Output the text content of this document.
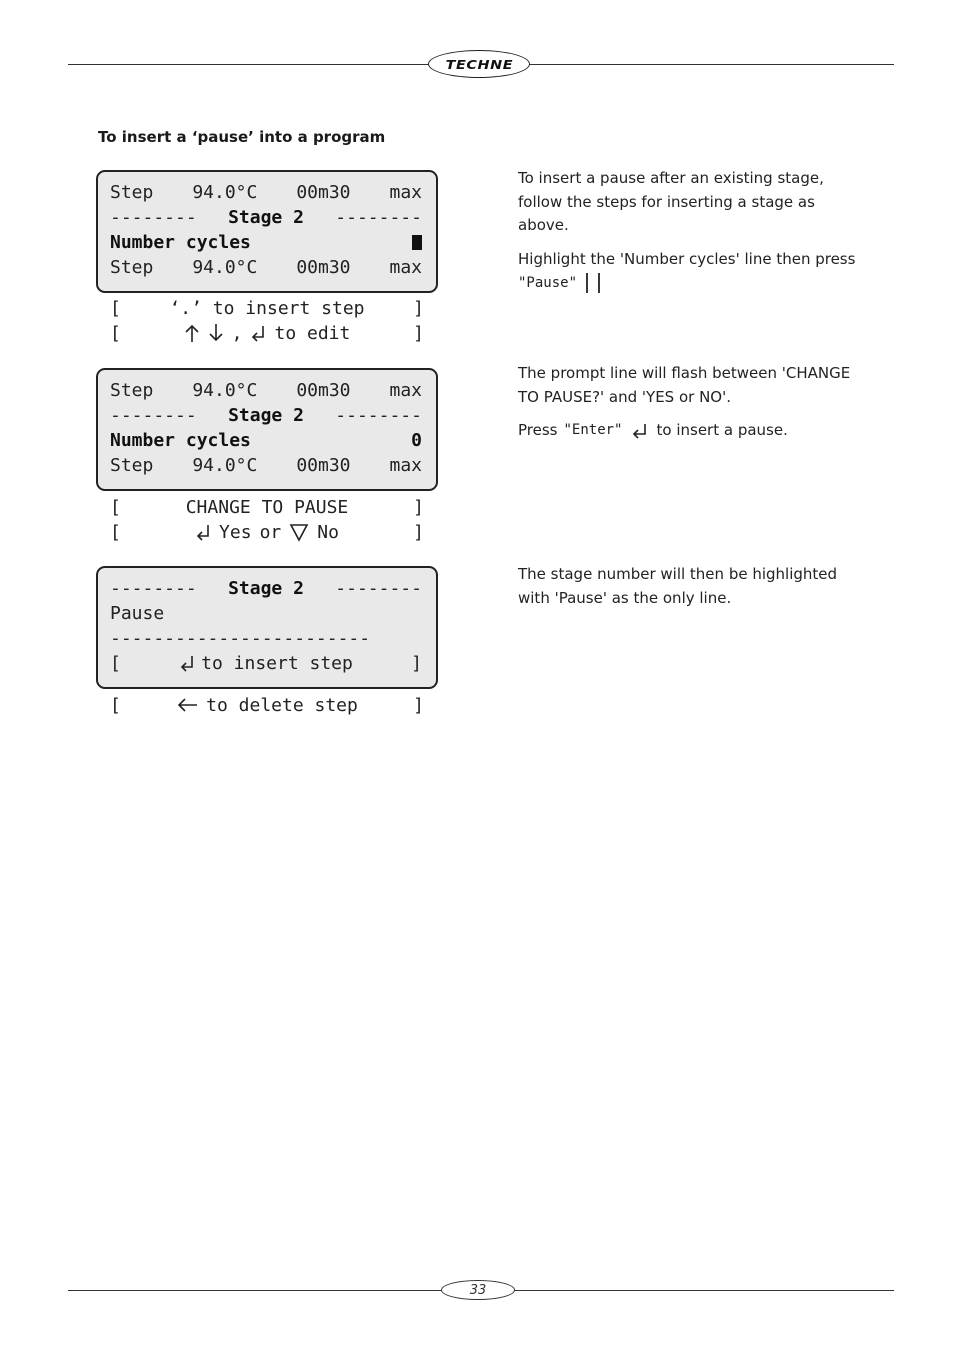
TECHNE
To insert a ‘pause’ into a program
Step 94.0°C 00m30 max
-------- Stage 2 --------
Number cycles
Step 94.0°C 00m30 max
[	‘.’ to insert step	]
[	, to edit	]
Step 94.0°C 00m30 max
-------- Stage 2 --------
Number cycles	0
Step 94.0°C 00m30 max
[	CHANGE TO PAUSE	]
[	Yes or No	]
-------- Stage 2 --------
Pause
------------------------
[	to insert step	]
[	to delete step	]

To insert a pause after an existing stage, follow the steps for inserting a stage as above.

Highlight the 'Number cycles' line then press

"Pause"

The prompt line will flash between 'CHANGE TO PAUSE?' and 'YES or NO'.

Press "Enter" to insert a pause.

The stage number will then be highlighted with 'Pause' as the only line.

33
